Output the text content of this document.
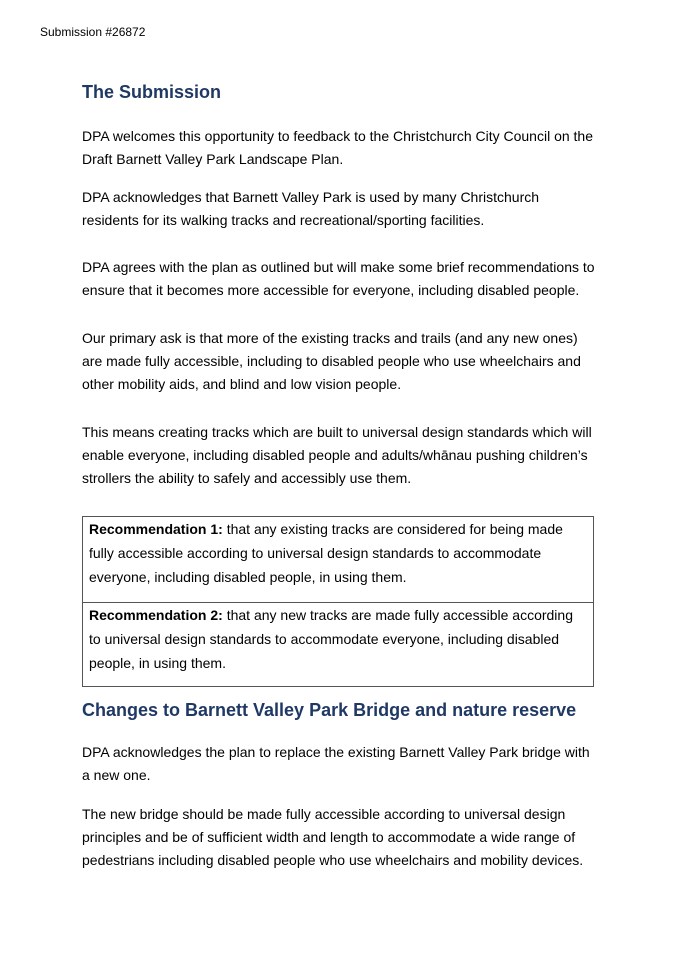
Submission #26872
The Submission

DPA welcomes this opportunity to feedback to the Christchurch City Council on the Draft Barnett Valley Park Landscape Plan.

DPA acknowledges that Barnett Valley Park is used by many Christchurch residents for its walking tracks and recreational/sporting facilities.

DPA agrees with the plan as outlined but will make some brief recommendations to ensure that it becomes more accessible for everyone, including disabled people.

Our primary ask is that more of the existing tracks and trails (and any new ones) are made fully accessible, including to disabled people who use wheelchairs and other mobility aids, and blind and low vision people.

This means creating tracks which are built to universal design standards which will enable everyone, including disabled people and adults/whānau pushing children’s strollers the ability to safely and accessibly use them.

Recommendation 1: that any existing tracks are considered for being made fully accessible according to universal design standards to accommodate everyone, including disabled people, in using them.
Recommendation 2: that any new tracks are made fully accessible according to universal design standards to accommodate everyone, including disabled people, in using them.
Changes to Barnett Valley Park Bridge and nature reserve

DPA acknowledges the plan to replace the existing Barnett Valley Park bridge with a new one.

The new bridge should be made fully accessible according to universal design principles and be of sufficient width and length to accommodate a wide range of pedestrians including disabled people who use wheelchairs and mobility devices.
